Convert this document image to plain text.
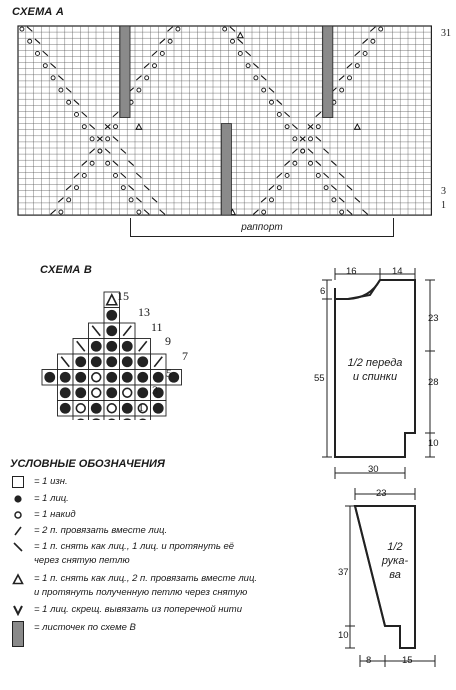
СХЕМА А
31
3
1
раппорт
СХЕМА В
15
13
11
9
7
5
3
1
УСЛОВНЫЕ ОБОЗНАЧЕНИЯ
= 1 изн.
= 1 лиц.
= 1 накид
= 2 п. провязать вместе лиц.
= 1 п. снять как лиц., 1 лиц. и протянуть её
через снятую петлю
= 1 п. снять как лиц., 2 п. провязать вместе лиц.
и протянуть полученную петлю через снятую
= 1 лиц. скрещ. вывязать из поперечной нити
= листочек по схеме В
16	14
6
23
55	28
10
30
1/2 переда
и спинки
23
37
10
8	15
1/2
рука-
ва
